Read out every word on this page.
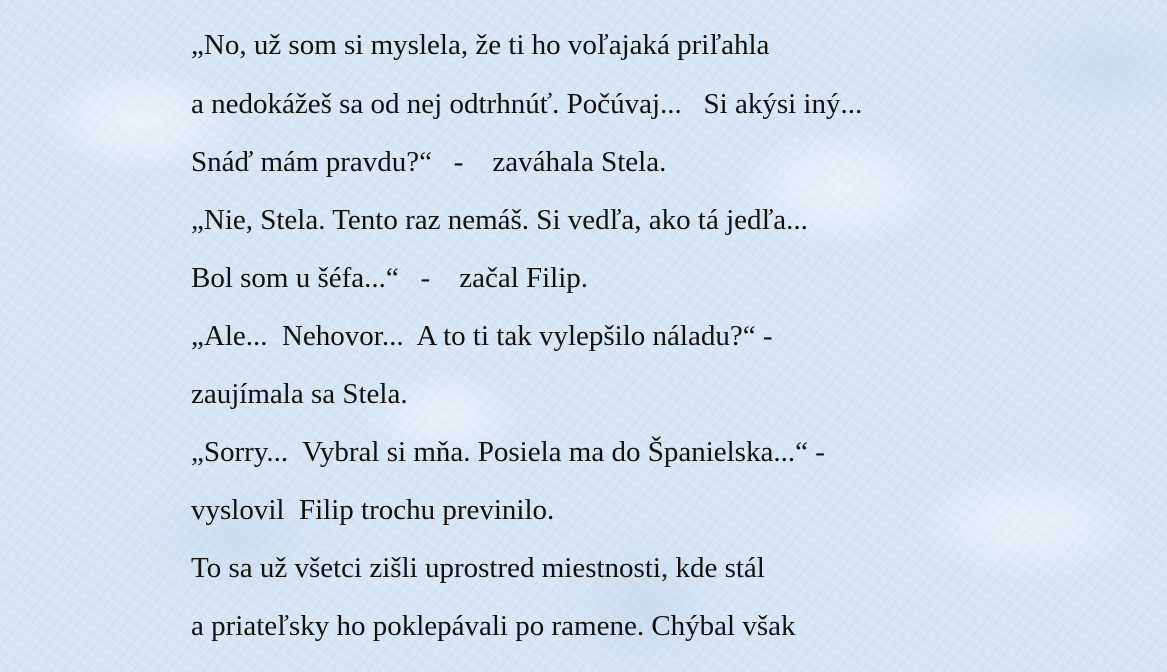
„No, už som si myslela, že ti ho voľajaká priľahla

a nedokážeš sa od nej odtrhnúť. Počúvaj...   Si akýsi iný...

Snáď mám pravdu?“   -    zaváhala Stela.

„Nie, Stela. Tento raz nemáš. Si vedľa, ako tá jedľa...

Bol som u šéfa...“   -    začal Filip.

„Ale...  Nehovor...  A to ti tak vylepšilo náladu?“ -

zaujímala sa Stela.

„Sorry...  Vybral si mňa. Posiela ma do Španielska...“ -

vyslovil  Filip trochu previnilo.

To sa už všetci zišli uprostred miestnosti, kde stál

a priateľsky ho poklepávali po ramene. Chýbal však
